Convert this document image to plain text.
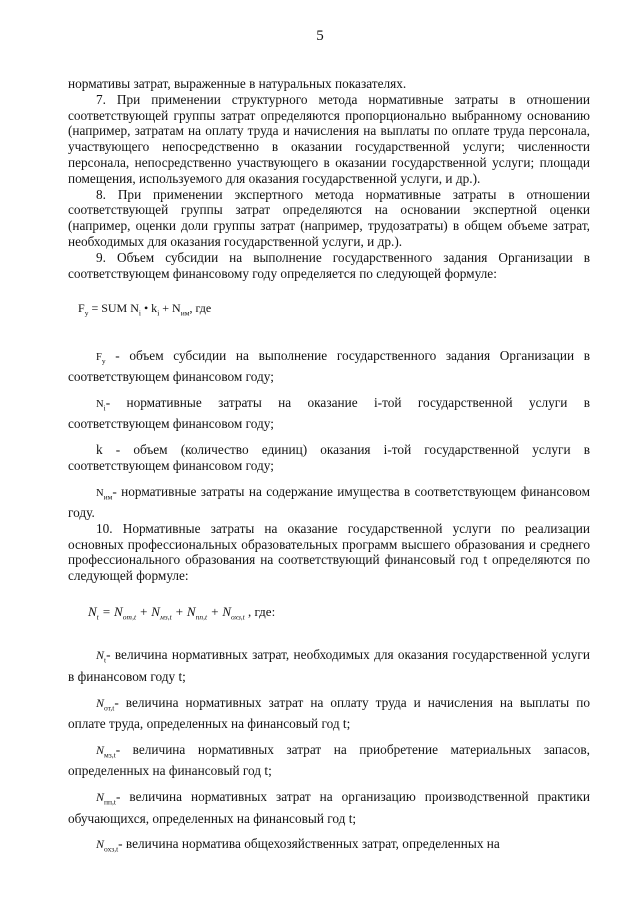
5

нормативы затрат, выраженные в натуральных показателях.

7. При применении структурного метода нормативные затраты в отношении соответствующей группы затрат определяются пропорционально выбранному основанию (например, затратам на оплату труда и начисления на выплаты по оплате труда персонала, участвующего непосредственно в оказании государственной услуги; численности персонала, непосредственно участвующего в оказании государственной услуги; площади помещения, используемого для оказания государственной услуги, и др.).

8. При применении экспертного метода нормативные затраты в отношении соответствующей группы затрат определяются на основании экспертной оценки (например, оценки доли группы затрат (например, трудозатраты) в общем объеме затрат, необходимых для оказания государственной услуги, и др.).

9. Объем субсидии на выполнение государственного задания Организации в соответствующем финансовому году определяется по следующей формуле:

$F_y$ = SUM $N_i$ • $k_i + N_{им}$, где

$F_y$ - объем субсидии на выполнение государственного задания Организации в соответствующем финансовом году;

$N_i-$ нормативные затраты на оказание i-той государственной услуги в соответствующем финансовом году;

k - объем (количество единиц) оказания i-той государственной услуги в соответствующем финансовом году;

$N_{им}-$ нормативные затраты на содержание имущества в соответствующем финансовом году.

10. Нормативные затраты на оказание государственной услуги по реализации основных профессиональных образовательных программ высшего образования и среднего профессионального образования на соответствующий финансовый год t определяются по следующей формуле:

$N_t = N_{от,t} + N_{мз,t} + N_{пп,t} + N_{охз,t}$ , где:

$N_t-$ величина нормативных затрат, необходимых для оказания государственной услуги в финансовом году t;

$N_{от,t}-$ величина нормативных затрат на оплату труда и начисления на выплаты по оплате труда, определенных на финансовый год t;

$N_{мз,t}-$ величина нормативных затрат на приобретение материальных запасов, определенных на финансовый год t;

$N_{пп,t}-$ величина нормативных затрат на организацию производственной практики обучающихся, определенных на финансовый год t;

$N_{охз,t}-$ величина норматива общехозяйственных затрат, определенных на
